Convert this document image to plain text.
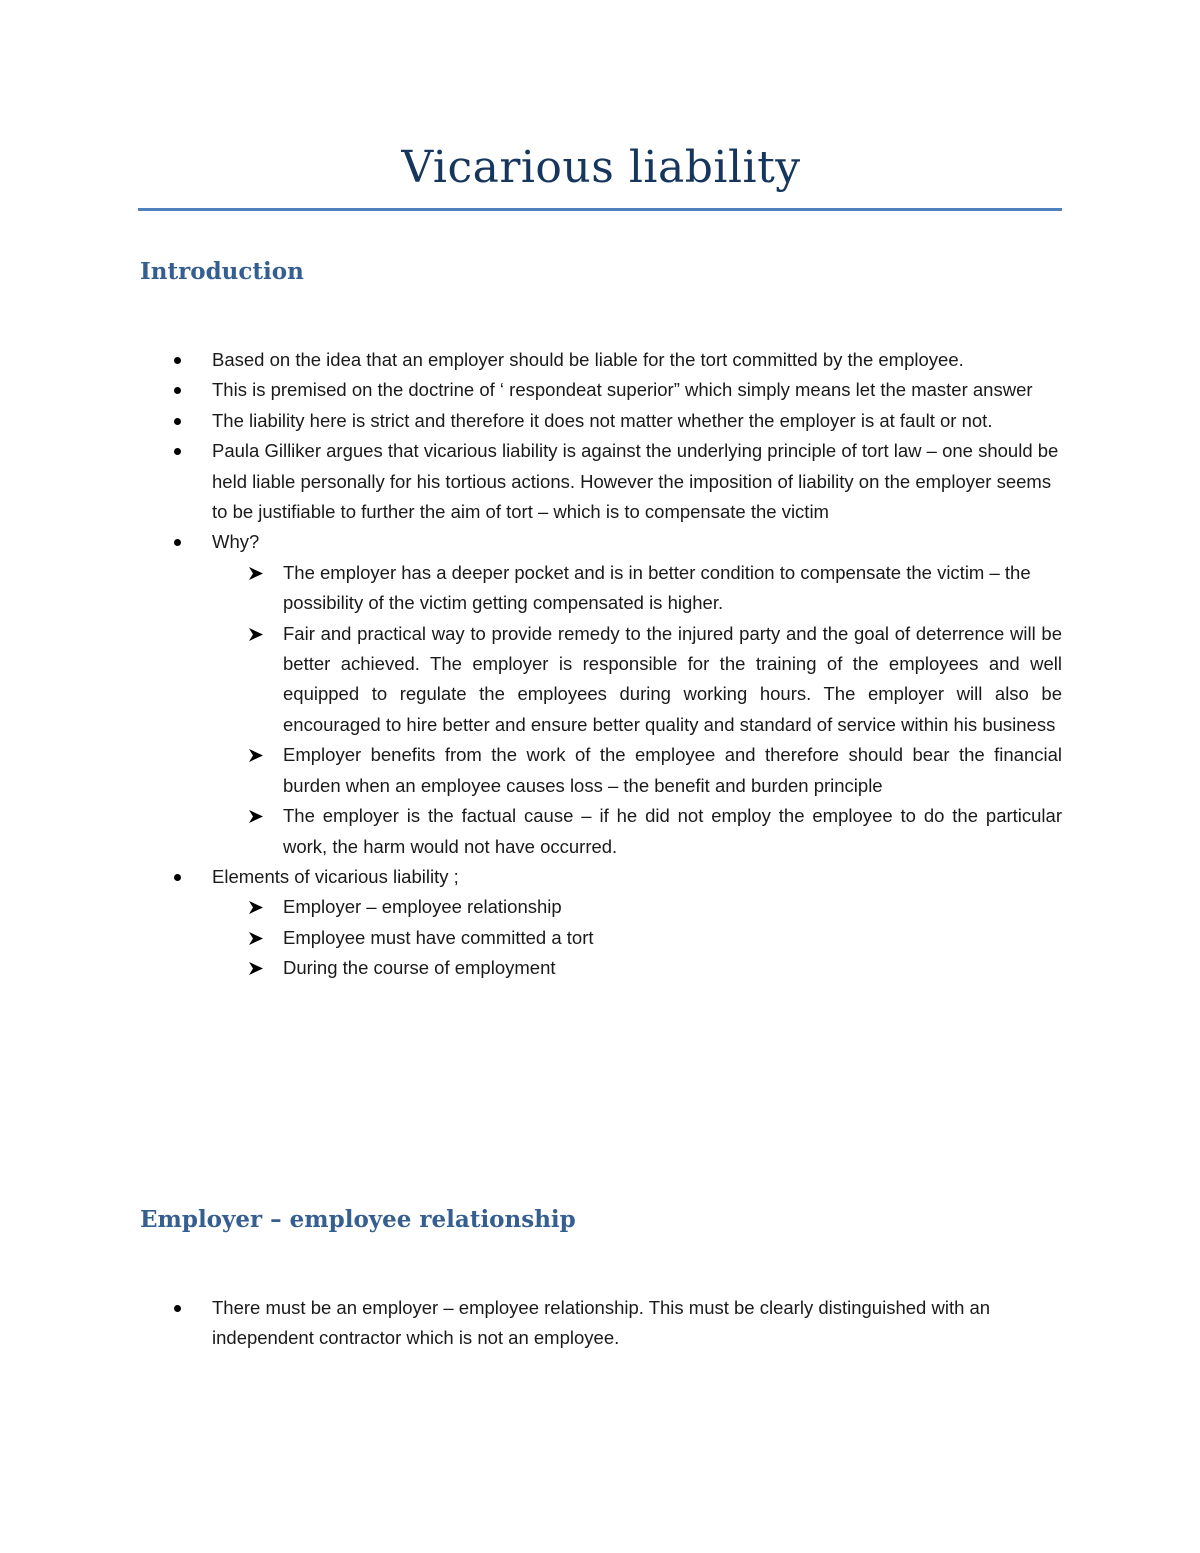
Vicarious liability
Introduction
Based on the idea that an employer should be liable for the tort committed by the employee.
This is premised on the doctrine of ‘ respondeat superior” which simply means let the master answer
The liability here is strict and therefore it does not matter whether the employer is at fault or not.
Paula Gilliker argues that vicarious liability is against the underlying principle of tort law – one should be held liable personally for his tortious actions. However the imposition of liability on the employer seems to be justifiable to further the aim of tort – which is to compensate the victim
Why?
The employer has a deeper pocket and is in better condition to compensate the victim – the possibility of the victim getting compensated is higher.
Fair and practical way to provide remedy to the injured party and the goal of deterrence will be better achieved. The employer is responsible for the training of the employees and well equipped to regulate the employees during working hours. The employer will also be encouraged to hire better and ensure better quality and standard of service within his business
Employer benefits from the work of the employee and therefore should bear the financial burden when an employee causes loss – the benefit and burden principle
The employer is the factual cause – if he did not employ the employee to do the particular work, the harm would not have occurred.
Elements of vicarious liability ;
Employer – employee relationship
Employee must have committed a tort
During the course of employment
Employer – employee relationship
There must be an employer – employee relationship. This must be clearly distinguished with an independent contractor which is not an employee.
